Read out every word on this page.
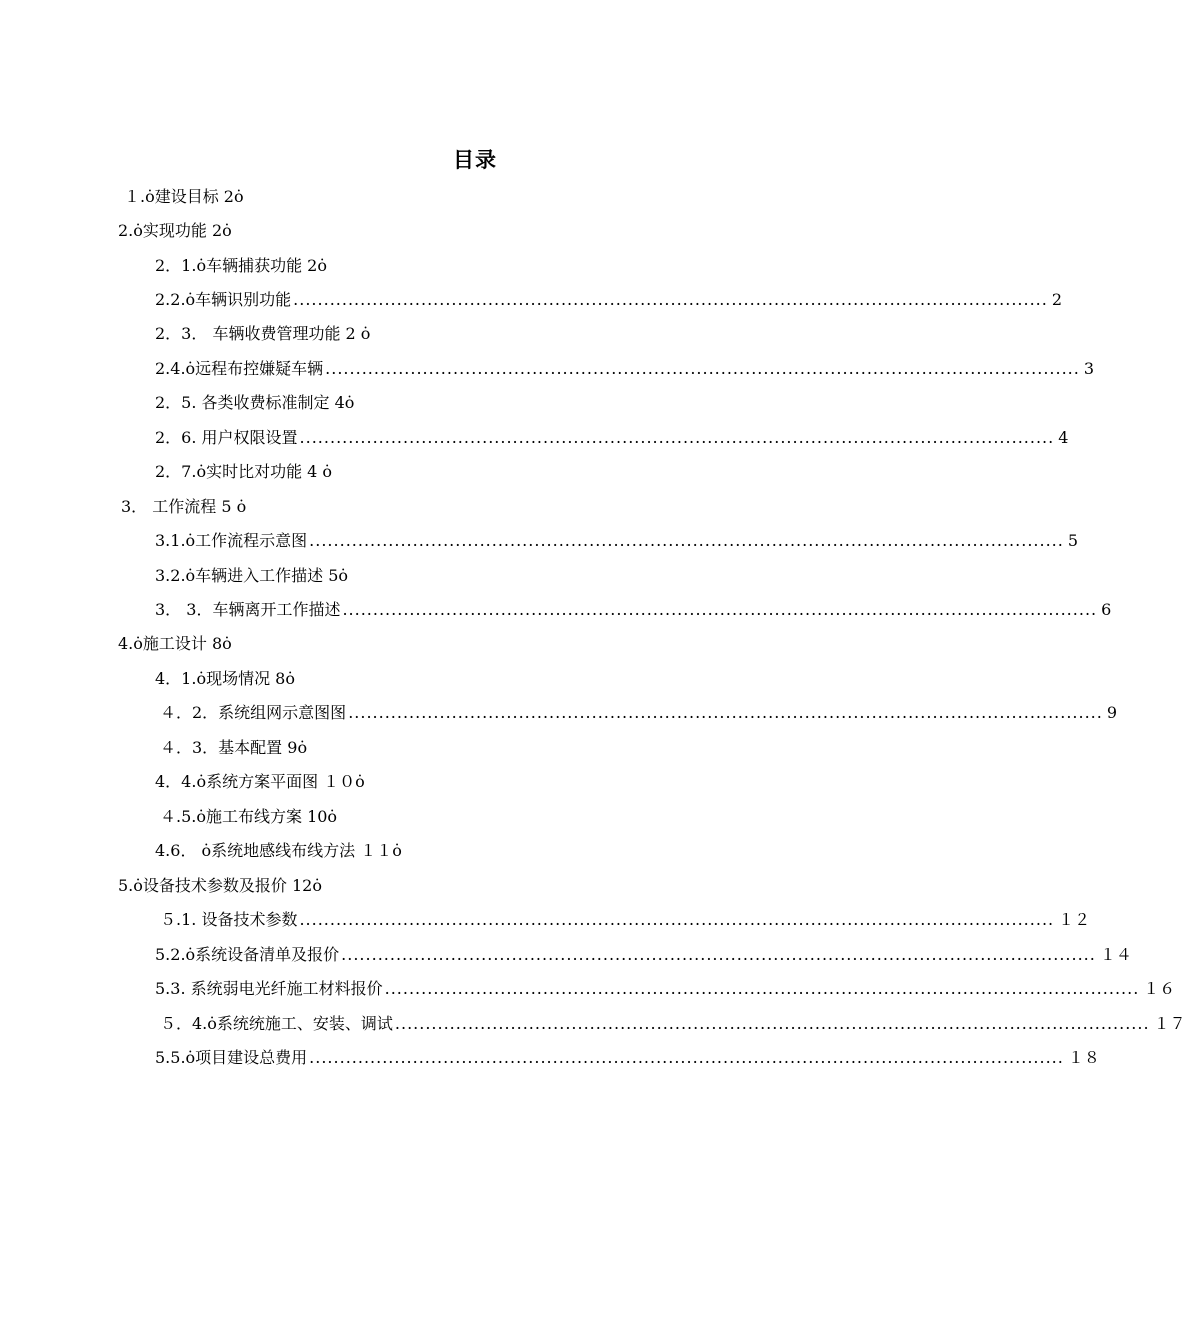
目录
１.ȯ建设目标 2ȯ
2.ȯ实现功能 2ȯ
2．1.ȯ车辆捕获功能 2ȯ
2.2.ȯ车辆识别功能 ............................................................................................................................ 2
2．3． 车辆收费管理功能 2 ȯ
2.4.ȯ远程布控嫌疑车辆 ............................................................................................................................ 3
2．5. 各类收费标准制定 4ȯ
2．6. 用户权限设置 ............................................................................................................................ 4
2．7.ȯ实时比对功能 4 ȯ
3． 工作流程 5 ȯ
3.1.ȯ工作流程示意图 ............................................................................................................................ 5
3.2.ȯ车辆进入工作描述 5ȯ
3． 3．车辆离开工作描述 ............................................................................................................................ 6
4.ȯ施工设计 8ȯ
4．1.ȯ现场情况 8ȯ
４．2．系统组网示意图图 ............................................................................................................................ 9
４．3．基本配置 9ȯ
4．4.ȯ系统方案平面图 １０ȯ
４.5.ȯ施工布线方案 10ȯ
4.6． ȯ系统地感线布线方法 １１ȯ
5.ȯ设备技术参数及报价 12ȯ
５.1. 设备技术参数 ............................................................................................................................ １２
5.2.ȯ系统设备清单及报价 ............................................................................................................................ １４
5.3. 系统弱电光纤施工材料报价 ............................................................................................................................ １６
５．4.ȯ系统统施工、安装、调试 ............................................................................................................................ １７
5.5.ȯ项目建设总费用 ............................................................................................................................ １８
